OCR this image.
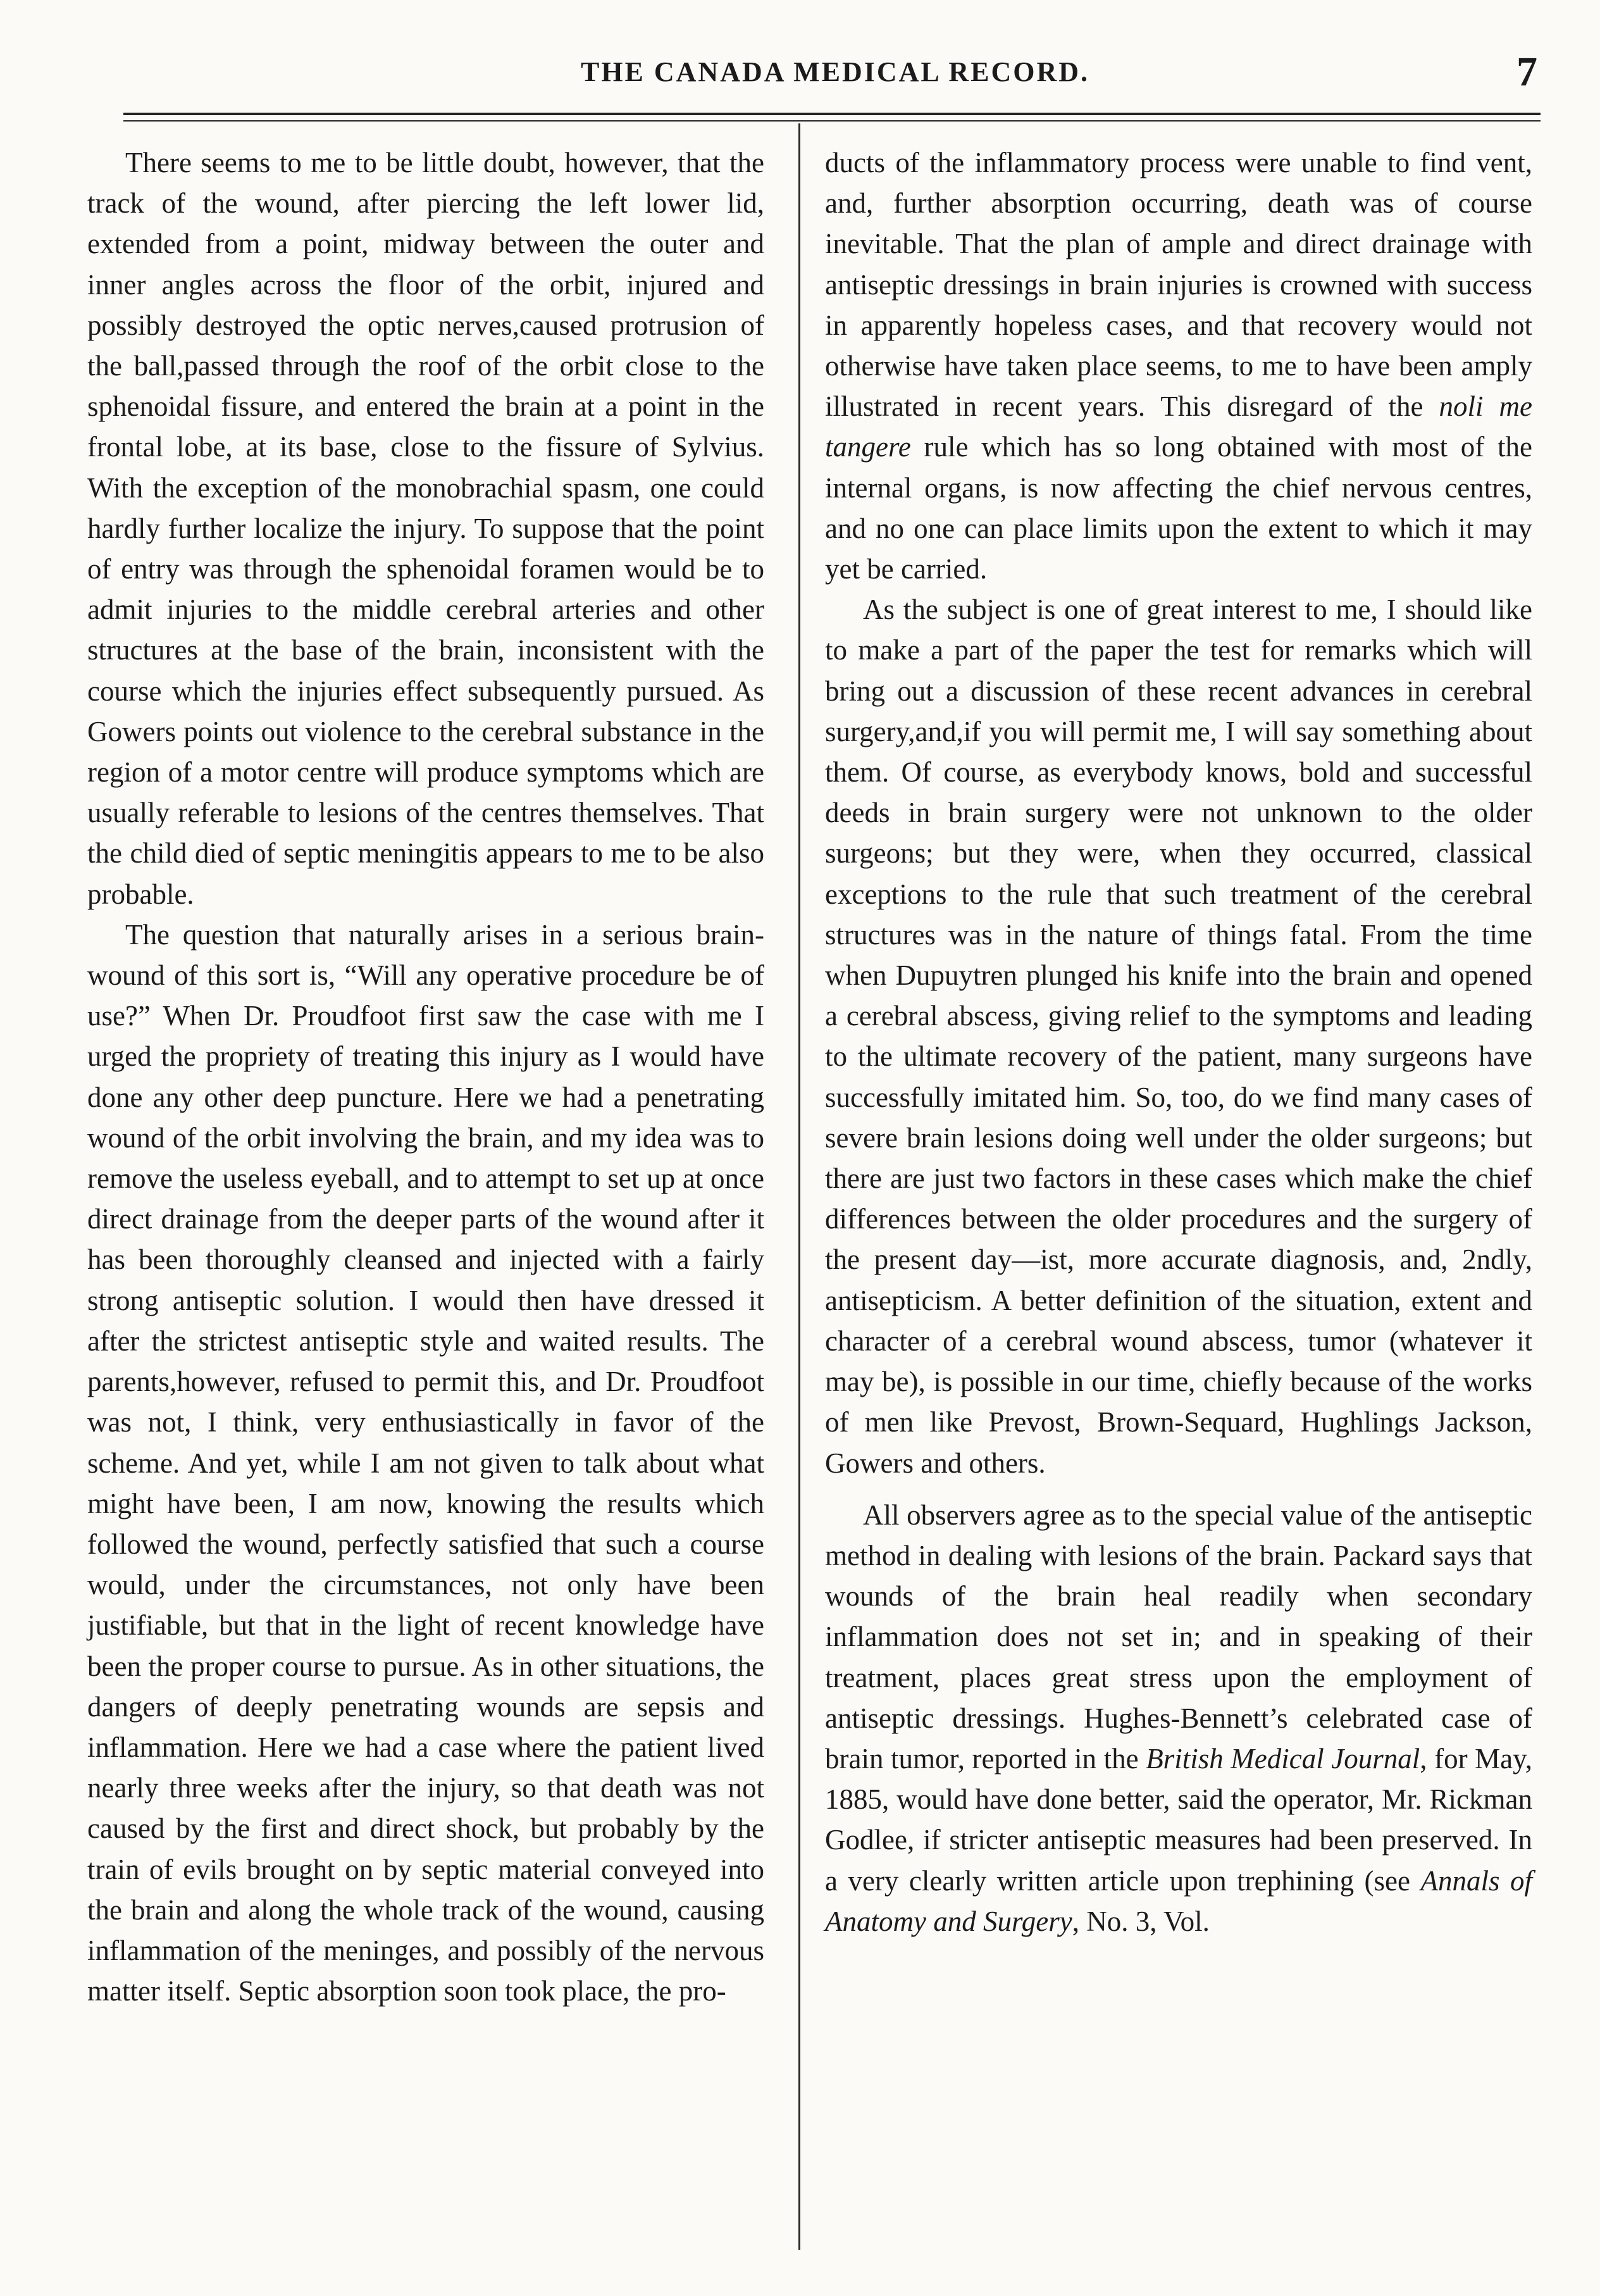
THE CANADA MEDICAL RECORD.	7

There seems to me to be little doubt, however, that the track of the wound, after piercing the left lower lid, extended from a point, midway between the outer and inner angles across the floor of the orbit, injured and possibly destroyed the optic nerves,caused protrusion of the ball,passed through the roof of the orbit close to the sphenoidal fissure, and entered the brain at a point in the frontal lobe, at its base, close to the fissure of Sylvius. With the exception of the monobrachial spasm, one could hardly further localize the injury. To suppose that the point of entry was through the sphenoidal foramen would be to admit injuries to the middle cerebral arteries and other structures at the base of the brain, inconsistent with the course which the injuries effect subsequently pursued. As Gowers points out violence to the cerebral substance in the region of a motor centre will produce symptoms which are usually referable to lesions of the centres themselves. That the child died of septic meningitis appears to me to be also probable.

The question that naturally arises in a serious brain-wound of this sort is, “Will any operative procedure be of use?” When Dr. Proudfoot first saw the case with me I urged the propriety of treating this injury as I would have done any other deep puncture. Here we had a penetrating wound of the orbit involving the brain, and my idea was to remove the useless eyeball, and to attempt to set up at once direct drainage from the deeper parts of the wound after it has been thoroughly cleansed and injected with a fairly strong antiseptic solution. I would then have dressed it after the strictest antiseptic style and waited results. The parents,however, refused to permit this, and Dr. Proudfoot was not, I think, very enthusiastically in favor of the scheme. And yet, while I am not given to talk about what might have been, I am now, knowing the results which followed the wound, perfectly satisfied that such a course would, under the circumstances, not only have been justifiable, but that in the light of recent knowledge have been the proper course to pursue. As in other situations, the dangers of deeply penetrating wounds are sepsis and inflammation. Here we had a case where the patient lived nearly three weeks after the injury, so that death was not caused by the first and direct shock, but probably by the train of evils brought on by septic material conveyed into the brain and along the whole track of the wound, causing inflammation of the meninges, and possibly of the nervous matter itself. Septic absorption soon took place, the pro-

ducts of the inflammatory process were unable to find vent, and, further absorption occurring, death was of course inevitable. That the plan of ample and direct drainage with antiseptic dressings in brain injuries is crowned with success in apparently hopeless cases, and that recovery would not otherwise have taken place seems, to me to have been amply illustrated in recent years. This disregard of the noli me tangere rule which has so long obtained with most of the internal organs, is now affecting the chief nervous centres, and no one can place limits upon the extent to which it may yet be carried.

As the subject is one of great interest to me, I should like to make a part of the paper the test for remarks which will bring out a discussion of these recent advances in cerebral surgery,and,if you will permit me, I will say something about them. Of course, as everybody knows, bold and successful deeds in brain surgery were not unknown to the older surgeons; but they were, when they occurred, classical exceptions to the rule that such treatment of the cerebral structures was in the nature of things fatal. From the time when Dupuytren plunged his knife into the brain and opened a cerebral abscess, giving relief to the symptoms and leading to the ultimate recovery of the patient, many surgeons have successfully imitated him. So, too, do we find many cases of severe brain lesions doing well under the older surgeons; but there are just two factors in these cases which make the chief differences between the older procedures and the surgery of the present day—ist, more accurate diagnosis, and, 2ndly, antisepticism. A better definition of the situation, extent and character of a cerebral wound abscess, tumor (whatever it may be), is possible in our time, chiefly because of the works of men like Prevost, Brown-Sequard, Hughlings Jackson, Gowers and others.

All observers agree as to the special value of the antiseptic method in dealing with lesions of the brain. Packard says that wounds of the brain heal readily when secondary inflammation does not set in; and in speaking of their treatment, places great stress upon the employment of antiseptic dressings. Hughes-Bennett’s celebrated case of brain tumor, reported in the British Medical Journal, for May, 1885, would have done better, said the operator, Mr. Rickman Godlee, if stricter antiseptic measures had been preserved. In a very clearly written article upon trephining (see Annals of Anatomy and Surgery, No. 3, Vol.
